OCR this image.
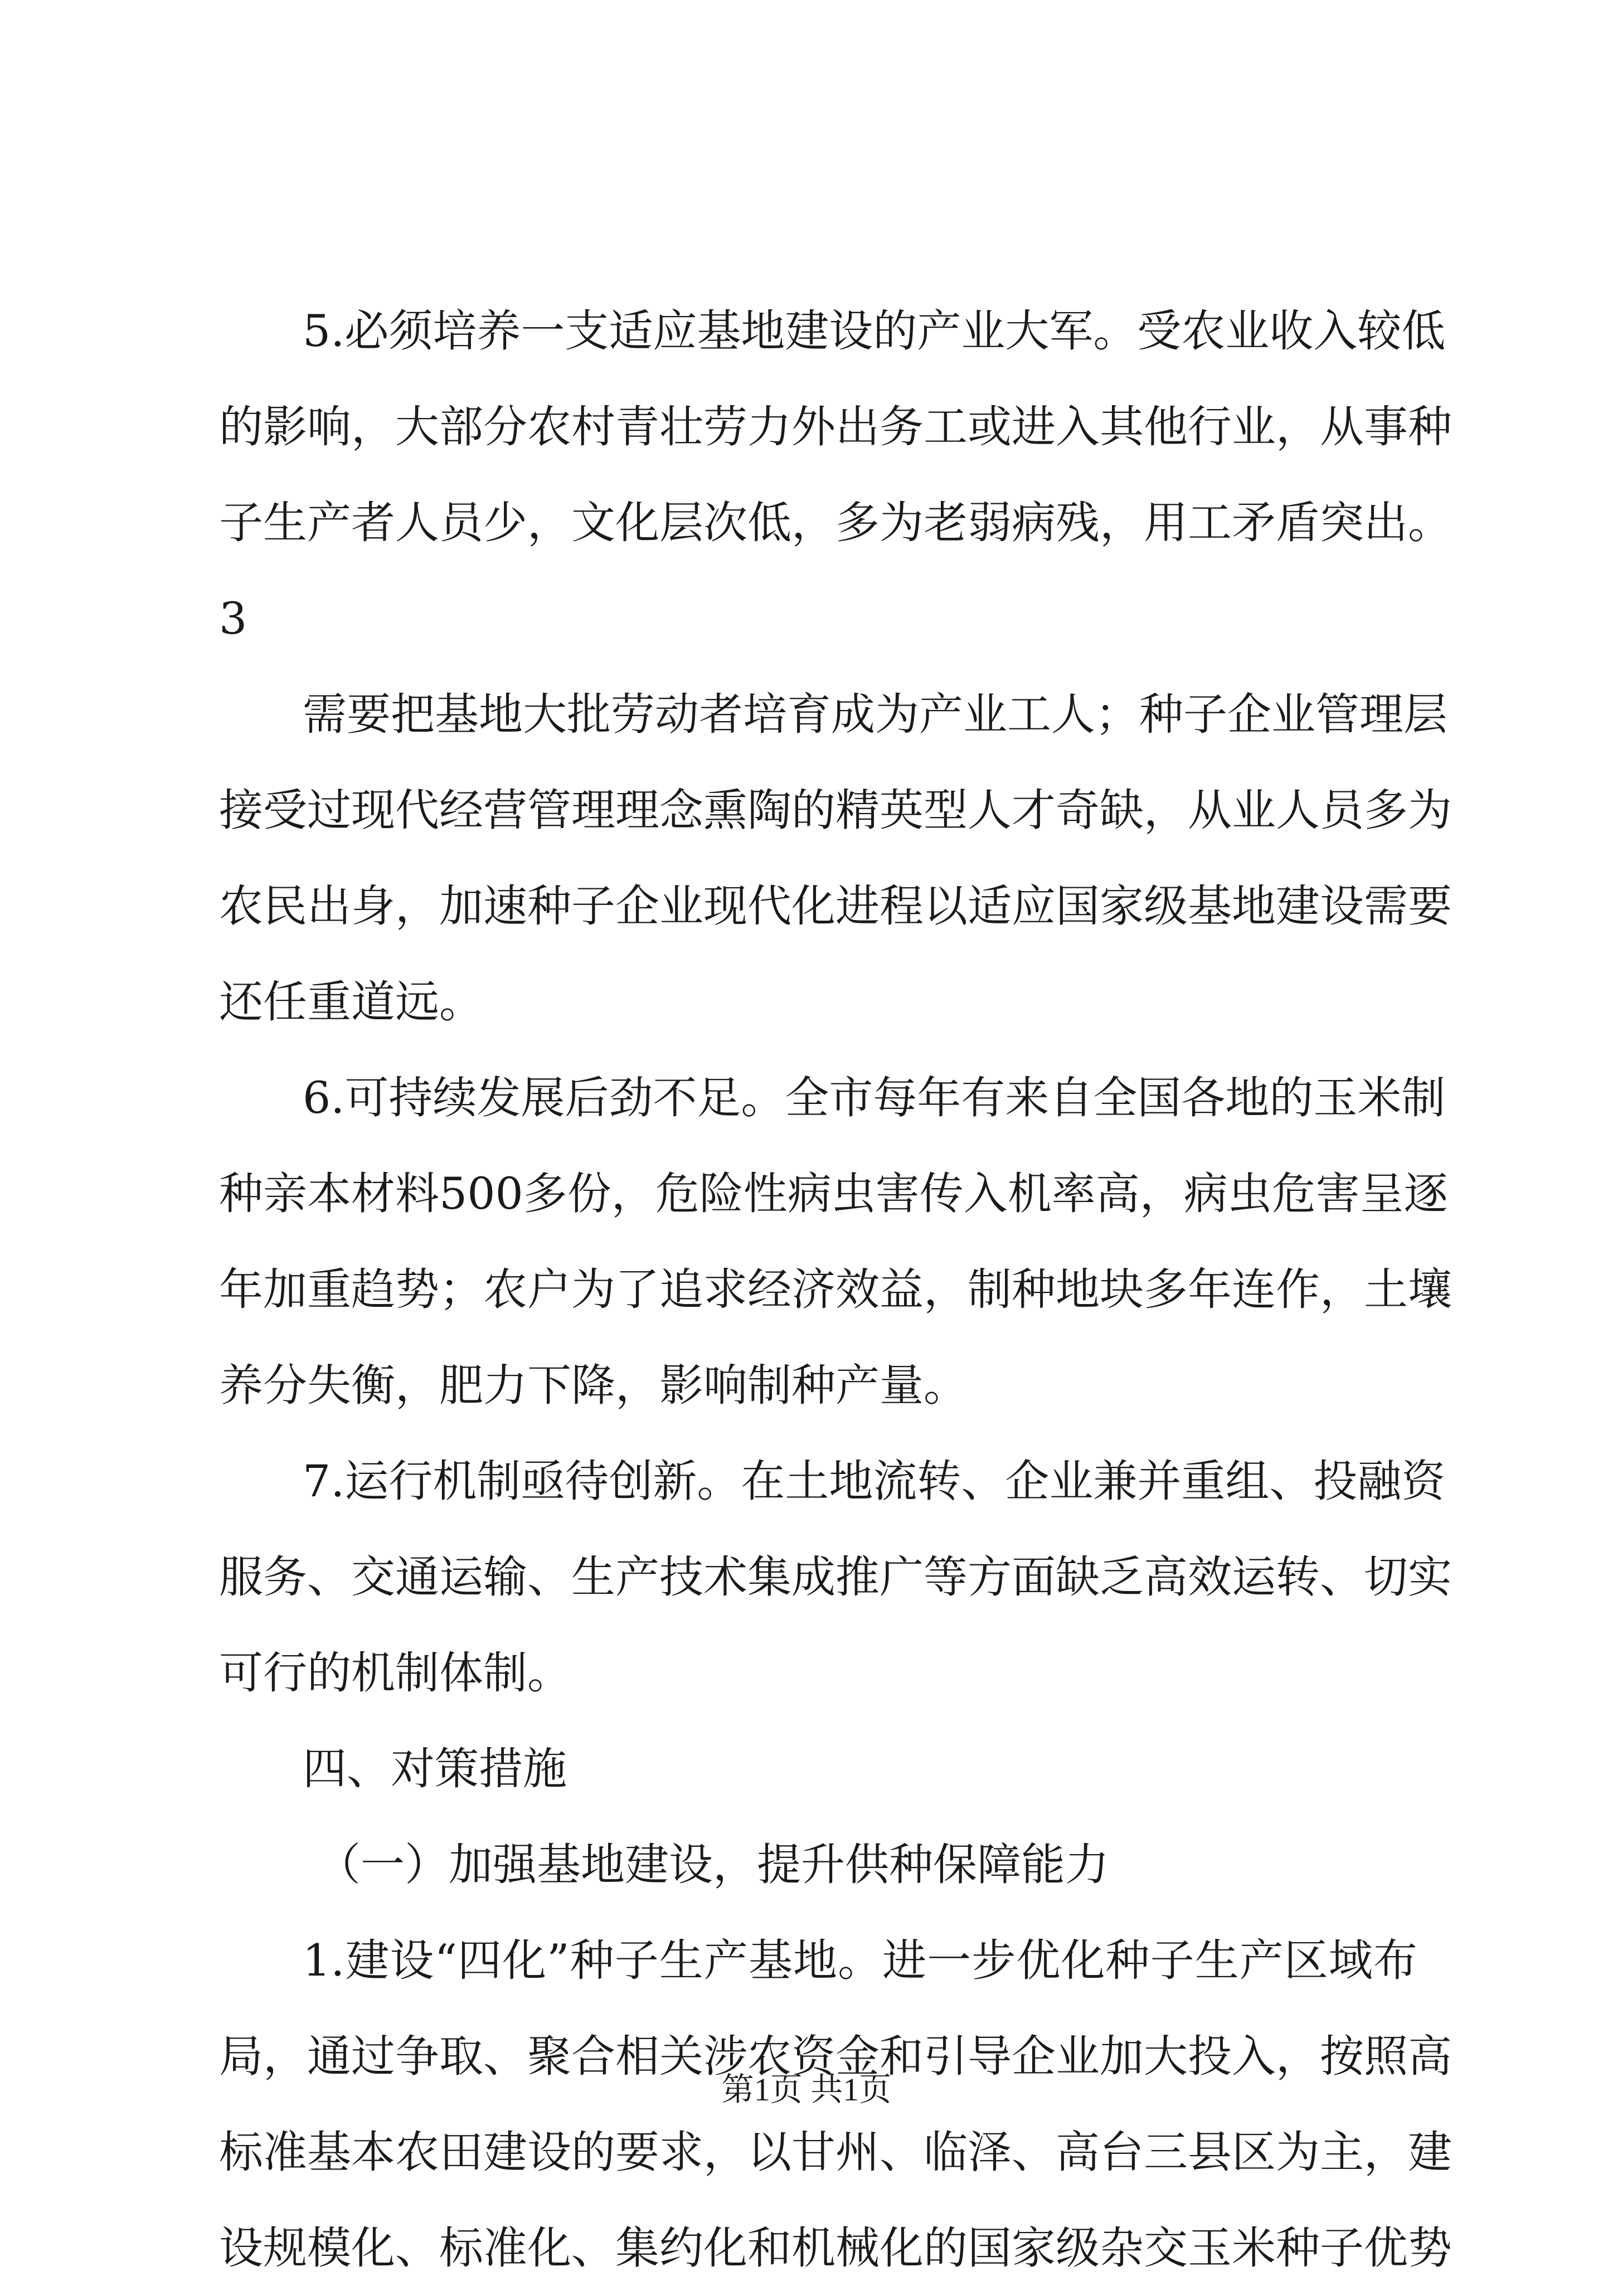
5.必须培养一支适应基地建设的产业大军。受农业收入较低
的影响，大部分农村青壮劳力外出务工或进入其他行业，从事种
子生产者人员少，文化层次低，多为老弱病残，用工矛盾突出。
3
需要把基地大批劳动者培育成为产业工人；种子企业管理层
接受过现代经营管理理念熏陶的精英型人才奇缺，从业人员多为
农民出身，加速种子企业现代化进程以适应国家级基地建设需要
还任重道远。
6.可持续发展后劲不足。全市每年有来自全国各地的玉米制
种亲本材料500多份，危险性病虫害传入机率高，病虫危害呈逐
年加重趋势；农户为了追求经济效益，制种地块多年连作，土壤
养分失衡，肥力下降，影响制种产量。
7.运行机制亟待创新。在土地流转、企业兼并重组、投融资
服务、交通运输、生产技术集成推广等方面缺乏高效运转、切实
可行的机制体制。
四、对策措施
（一）加强基地建设，提升供种保障能力
1.建设“四化”种子生产基地。进一步优化种子生产区域布
局，通过争取、聚合相关涉农资金和引导企业加大投入，按照高
标准基本农田建设的要求，以甘州、临泽、高台三县区为主，建
设规模化、标准化、集约化和机械化的国家级杂交玉米种子优势
第1页 共1页
